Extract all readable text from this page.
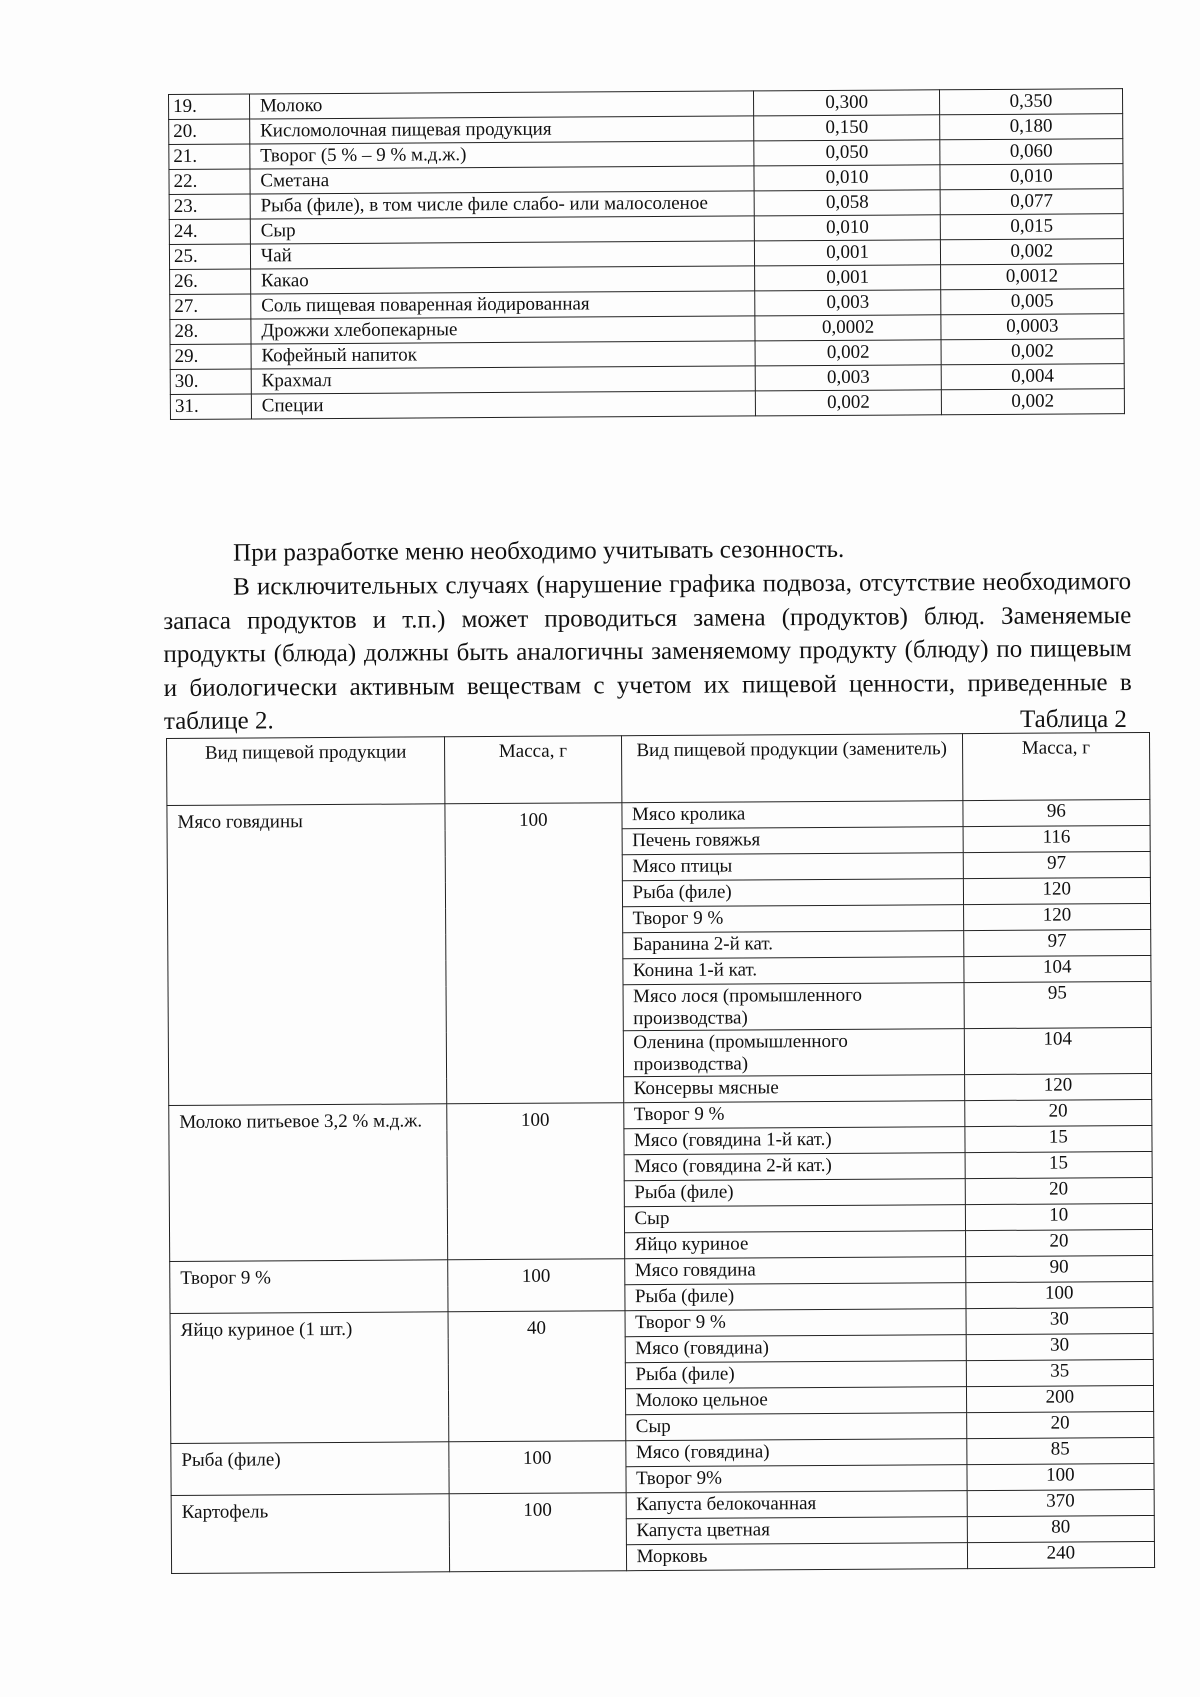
19.	Молоко	0,300	0,350
20.	Кисломолочная пищевая продукция	0,150	0,180
21.	Творог (5 % – 9 % м.д.ж.)	0,050	0,060
22.	Сметана	0,010	0,010
23.	Рыба (филе), в том числе филе слабо- или малосоленое	0,058	0,077
24.	Сыр	0,010	0,015
25.	Чай	0,001	0,002
26.	Какао	0,001	0,0012
27.	Соль пищевая поваренная йодированная	0,003	0,005
28.	Дрожжи хлебопекарные	0,0002	0,0003
29.	Кофейный напиток	0,002	0,002
30.	Крахмал	0,003	0,004
31.	Специи	0,002	0,002

При разработке меню необходимо учитывать сезонность.

В исключительных случаях (нарушение графика подвоза, отсутствие необходимого запаса продуктов и т.п.) может проводиться замена (продуктов) блюд. Заменяемые продукты (блюда) должны быть аналогичны заменяемому продукту (блюду) по пищевым и биологически активным веществам с учетом их пищевой ценности, приведенные в таблице 2.	Таблица 2
Вид пищевой продукции	Масса, г	Вид пищевой продукции (заменитель)	Масса, г
Мясо говядины	100	Мясо кролика	96
		Печень говяжья	116
		Мясо птицы	97
		Рыба (филе)	120
		Творог 9 %	120
		Баранина 2-й кат.	97
		Конина 1-й кат.	104
		Мясо лося (промышленного производства)	95
		Оленина (промышленного производства)	104
		Консервы мясные	120
Молоко питьевое 3,2 % м.д.ж.	100	Творог 9 %	20
		Мясо (говядина 1-й кат.)	15
		Мясо (говядина 2-й кат.)	15
		Рыба (филе)	20
		Сыр	10
		Яйцо куриное	20
Творог 9 %	100	Мясо говядина	90
		Рыба (филе)	100
Яйцо куриное (1 шт.)	40	Творог 9 %	30
		Мясо (говядина)	30
		Рыба (филе)	35
		Молоко цельное	200
		Сыр	20
Рыба (филе)	100	Мясо (говядина)	85
		Творог 9%	100
Картофель	100	Капуста белокочанная	370
		Капуста цветная	80
		Морковь	240
